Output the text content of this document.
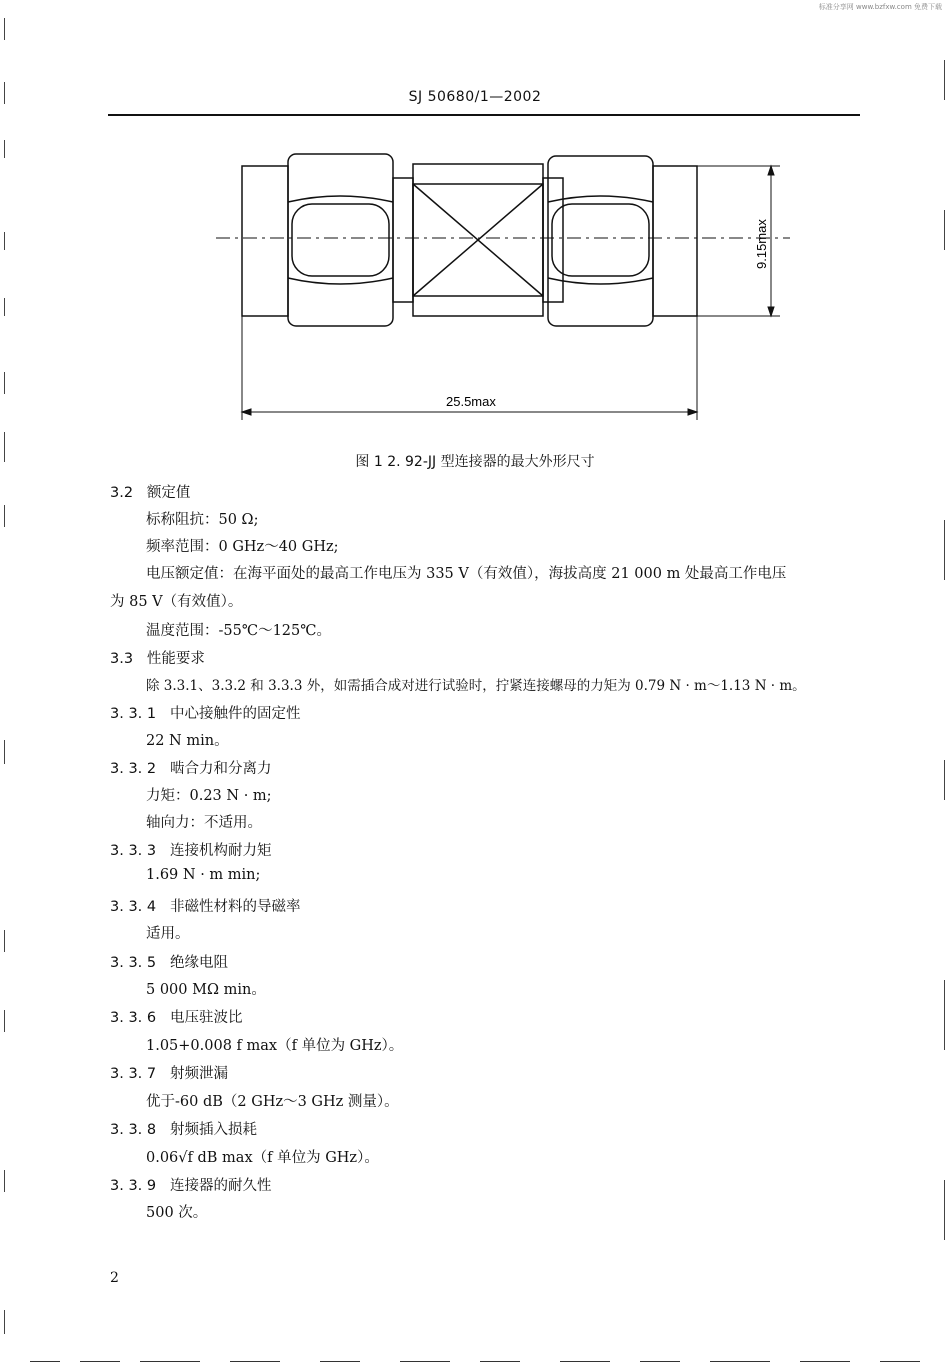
标准分享网 www.bzfxw.com 免费下载
SJ 50680/1—2002
9.15max
25.5max
图 1 2. 92-JJ 型连接器的最大外形尺寸
3.2 额定值
标称阻抗：50 Ω;
频率范围：0 GHz～40 GHz;
电压额定值：在海平面处的最高工作电压为 335 V（有效值），海拔高度 21 000 m 处最高工作电压
为 85 V（有效值）。
温度范围：-55℃～125℃。
3.3 性能要求
除 3.3.1、3.3.2 和 3.3.3 外，如需插合成对进行试验时，拧紧连接螺母的力矩为 0.79 N · m～1.13 N · m。
3. 3. 1 中心接触件的固定性
22 N min。
3. 3. 2 啮合力和分离力
力矩：0.23 N · m;
轴向力：不适用。
3. 3. 3 连接机构耐力矩
1.69 N · m min;
3. 3. 4 非磁性材料的导磁率
适用。
3. 3. 5 绝缘电阻
5 000 MΩ min。
3. 3. 6 电压驻波比
1.05+0.008 f max（f 单位为 GHz）。
3. 3. 7 射频泄漏
优于-60 dB（2 GHz～3 GHz 测量）。
3. 3. 8 射频插入损耗
0.06√f dB max（f 单位为 GHz）。
3. 3. 9 连接器的耐久性
500 次。
2
